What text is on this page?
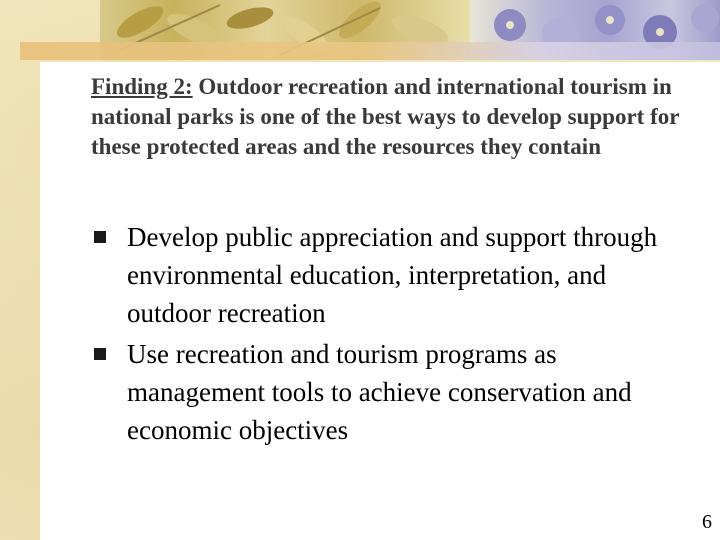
Finding 2: Outdoor recreation and international tourism in national parks is one of the best ways to develop support for these protected areas and the resources they contain
Develop public appreciation and support through environmental education, interpretation, and outdoor recreation
Use recreation and tourism programs as management tools to achieve conservation and economic objectives
6
